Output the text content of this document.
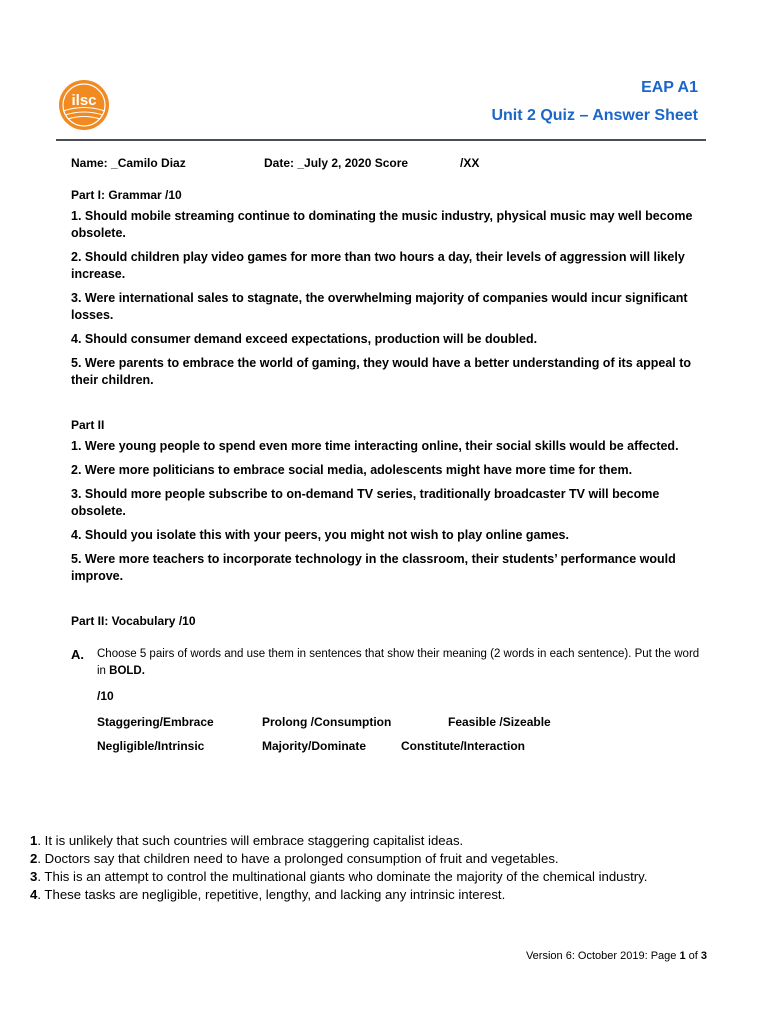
ilsc
EAP A1
Unit 2 Quiz – Answer Sheet
Name: _Camilo Diaz	Date: _July 2, 2020 Score	/XX
Part I: Grammar /10

1. Should mobile streaming continue to dominating the music industry, physical music may well become obsolete.

2. Should children play video games for more than two hours a day, their levels of aggression will likely increase.

3. Were international sales to stagnate, the overwhelming majority of companies would incur significant losses.

4. Should consumer demand exceed expectations, production will be doubled.

5. Were parents to embrace the world of gaming, they would have a better understanding of its appeal to their children.

Part II

1. Were young people to spend even more time interacting online, their social skills would be affected.

2. Were more politicians to embrace social media, adolescents might have more time for them.

3. Should more people subscribe to on-demand TV series, traditionally broadcaster TV will become obsolete.

4. Should you isolate this with your peers, you might not wish to play online games.

5. Were more teachers to incorporate technology in the classroom, their students’ performance would improve.

Part II: Vocabulary /10
A. Choose 5 pairs of words and use them in sentences that show their meaning (2 words in each sentence). Put the word in BOLD.
/10
Staggering/Embrace	Prolong /Consumption	Feasible /Sizeable
Negligible/Intrinsic	Majority/Dominate	Constitute/Interaction

1. It is unlikely that such countries will embrace staggering capitalist ideas.

2. Doctors say that children need to have a prolonged consumption of fruit and vegetables.

3. This is an attempt to control the multinational giants who dominate the majority of the chemical industry.

4. These tasks are negligible, repetitive, lengthy, and lacking any intrinsic interest.

Version 6: October 2019: Page 1 of 3
